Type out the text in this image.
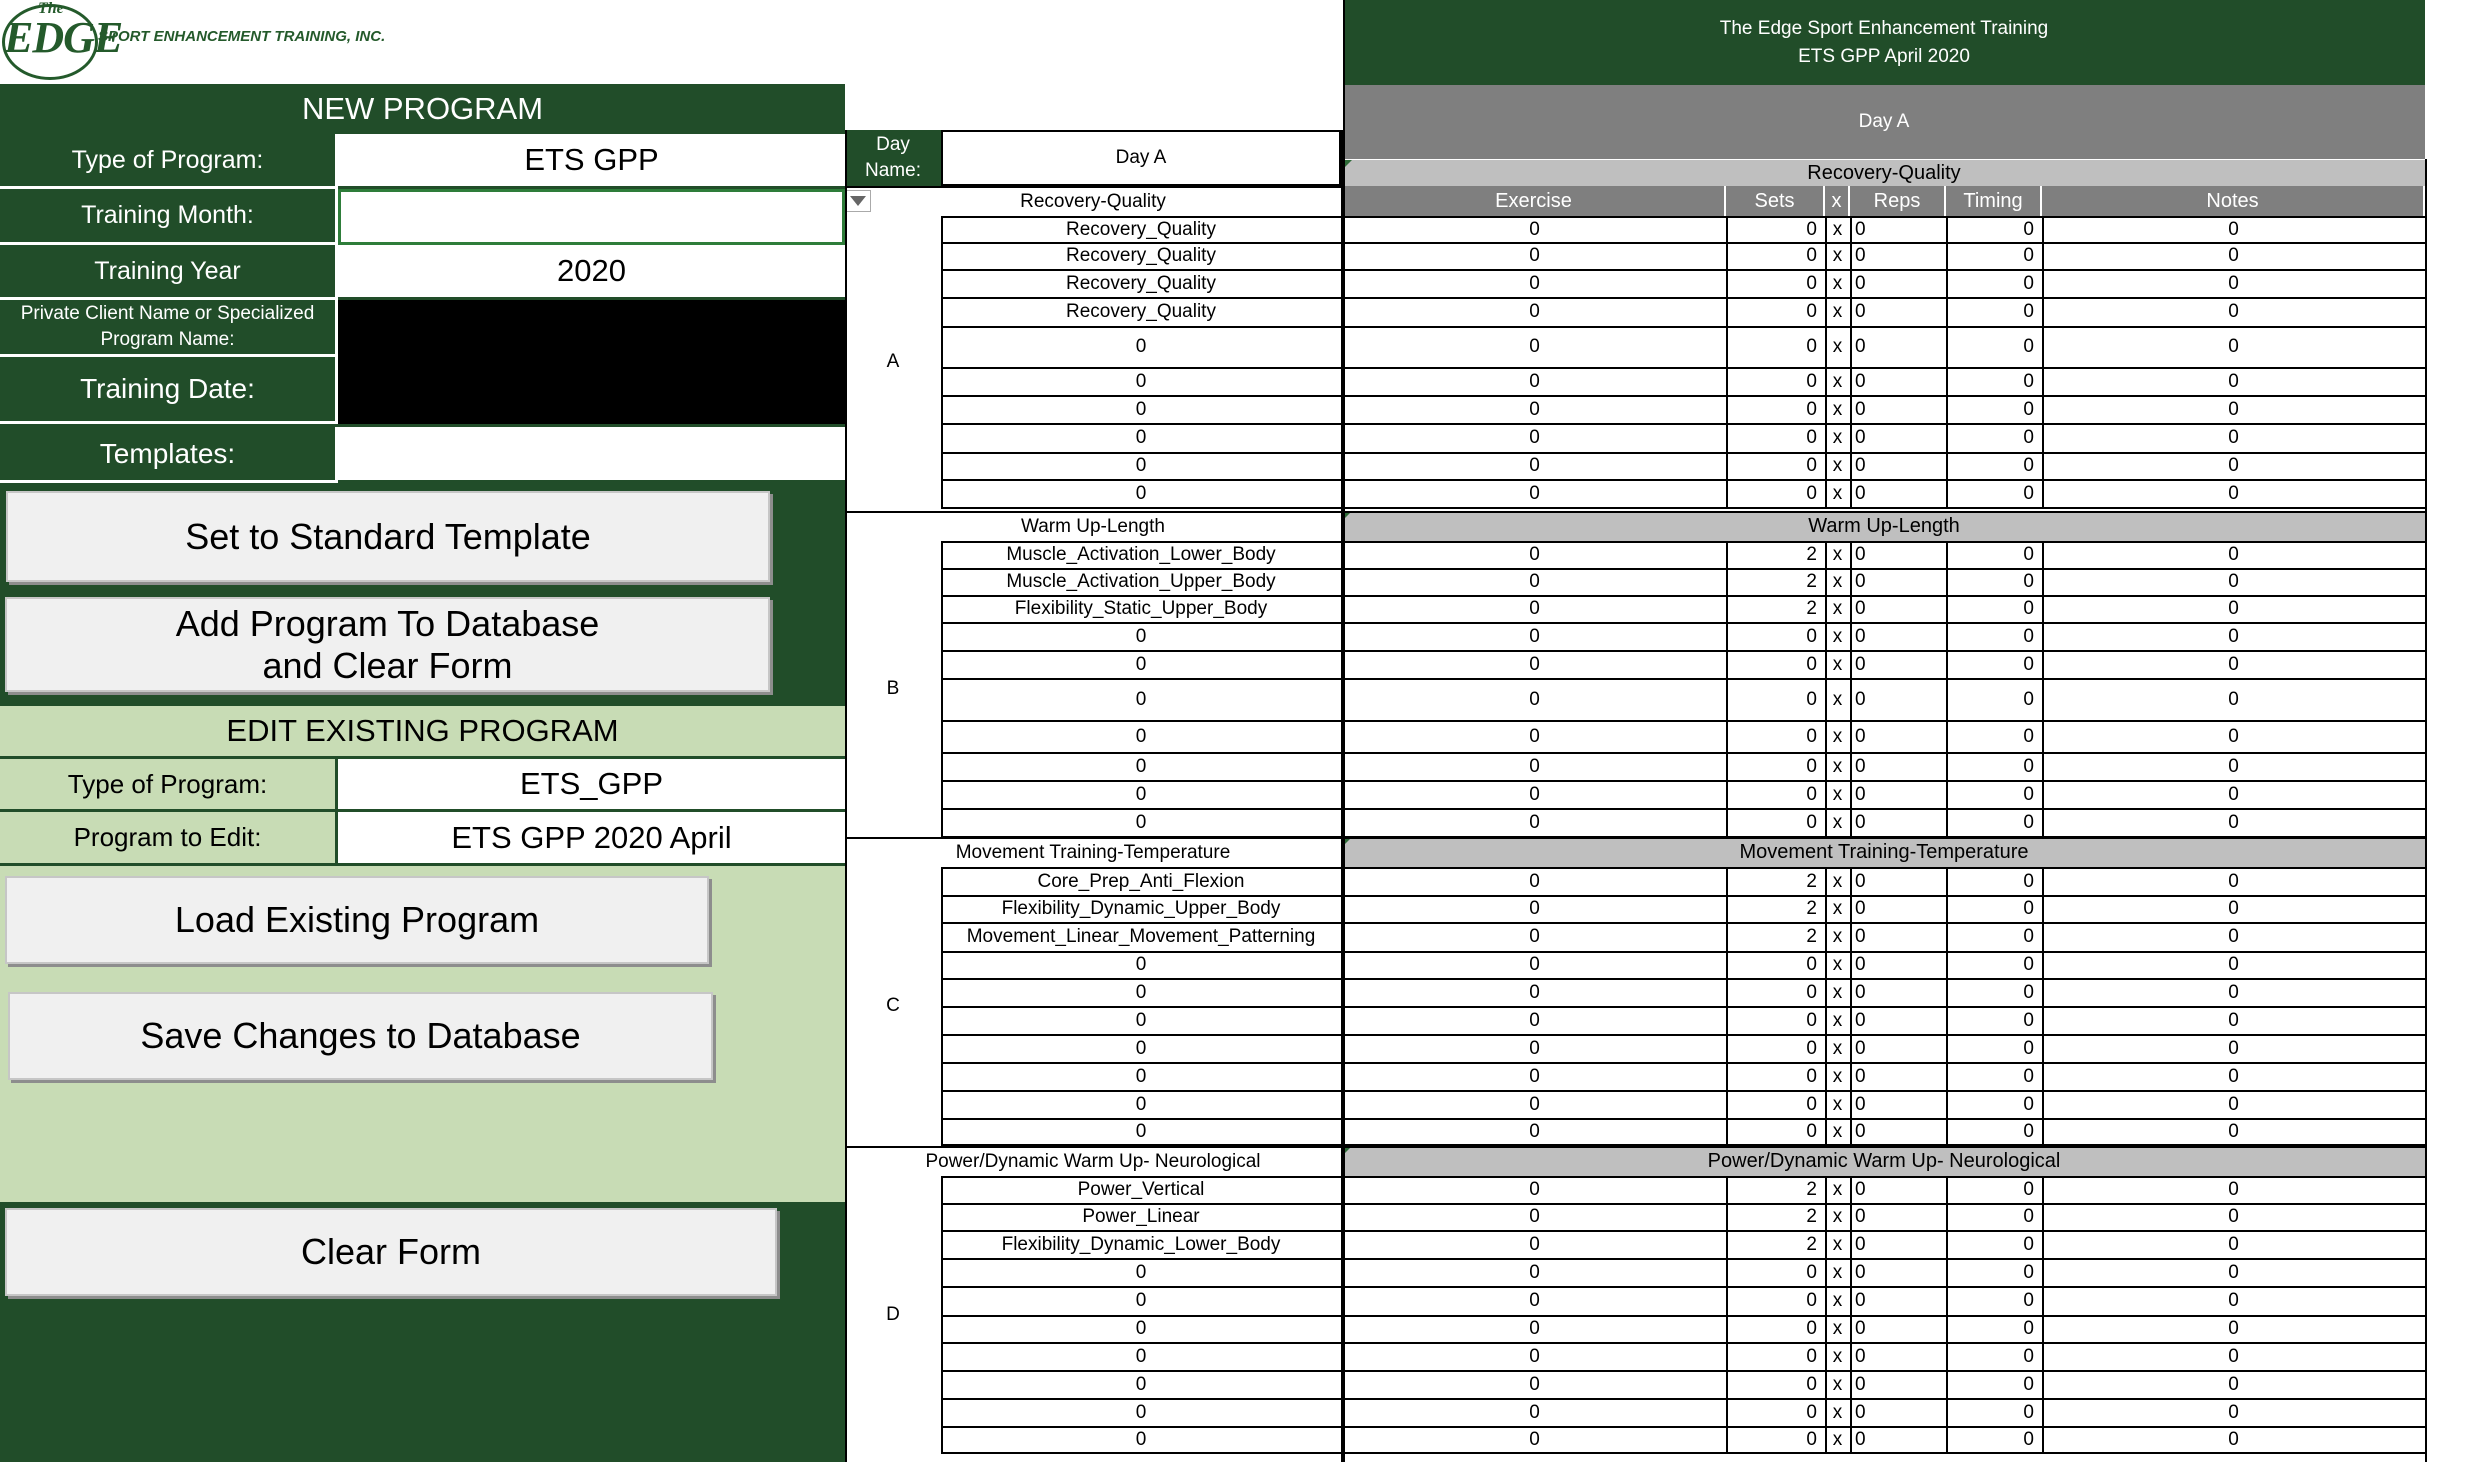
The
EDGE
SPORT ENHANCEMENT TRAINING, INC.
NEW PROGRAM
Type of Program:	ETS GPP
Training Month:
Training Year	2020
Private Client Name or Specialized Program Name:
Training Date:
Templates:
Set to Standard Template
Add Program To Database
and Clear Form
EDIT EXISTING PROGRAM
Type of Program:	ETS_GPP
Program to Edit:	ETS GPP 2020 April
Load Existing Program
Save Changes to Database
Clear Form
Day
Name:
Day A
The Edge Sport Enhancement Training
ETS GPP April 2020
Day A
Recovery-Quality
Recovery-Quality
Exercise	Sets	x	Reps	Timing	Notes
A
Recovery_Quality	0	0 x 0	0	0
Recovery_Quality	0	0 x 0	0	0
Recovery_Quality	0	0 x 0	0	0
Recovery_Quality	0	0 x 0	0	0
0	0	0 x 0	0	0
0	0	0 x 0	0	0
0	0	0 x 0	0	0
0	0	0 x 0	0	0
0	0	0 x 0	0	0
0	0	0 x 0	0	0
Warm Up-Length	Warm Up-Length
B
Muscle_Activation_Lower_Body	0	2 x 0	0	0
Muscle_Activation_Upper_Body	0	2 x 0	0	0
Flexibility_Static_Upper_Body	0	2 x 0	0	0
0	0	0 x 0	0	0
0	0	0 x 0	0	0
0	0	0 x 0	0	0
0	0	0 x 0	0	0
0	0	0 x 0	0	0
0	0	0 x 0	0	0
0	0	0 x 0	0	0
Movement Training-Temperature	Movement Training-Temperature
C
Core_Prep_Anti_Flexion	0	2 x 0	0	0
Flexibility_Dynamic_Upper_Body	0	2 x 0	0	0
Movement_Linear_Movement_Patterning	0	2 x 0	0	0
0	0	0 x 0	0	0
0	0	0 x 0	0	0
0	0	0 x 0	0	0
0	0	0 x 0	0	0
0	0	0 x 0	0	0
0	0	0 x 0	0	0
0	0	0 x 0	0	0
Power/Dynamic Warm Up- Neurological	Power/Dynamic Warm Up- Neurological
D
Power_Vertical	0	2 x 0	0	0
Power_Linear	0	2 x 0	0	0
Flexibility_Dynamic_Lower_Body	0	2 x 0	0	0
0	0	0 x 0	0	0
0	0	0 x 0	0	0
0	0	0 x 0	0	0
0	0	0 x 0	0	0
0	0	0 x 0	0	0
0	0	0 x 0	0	0
0	0	0 x 0	0	0
